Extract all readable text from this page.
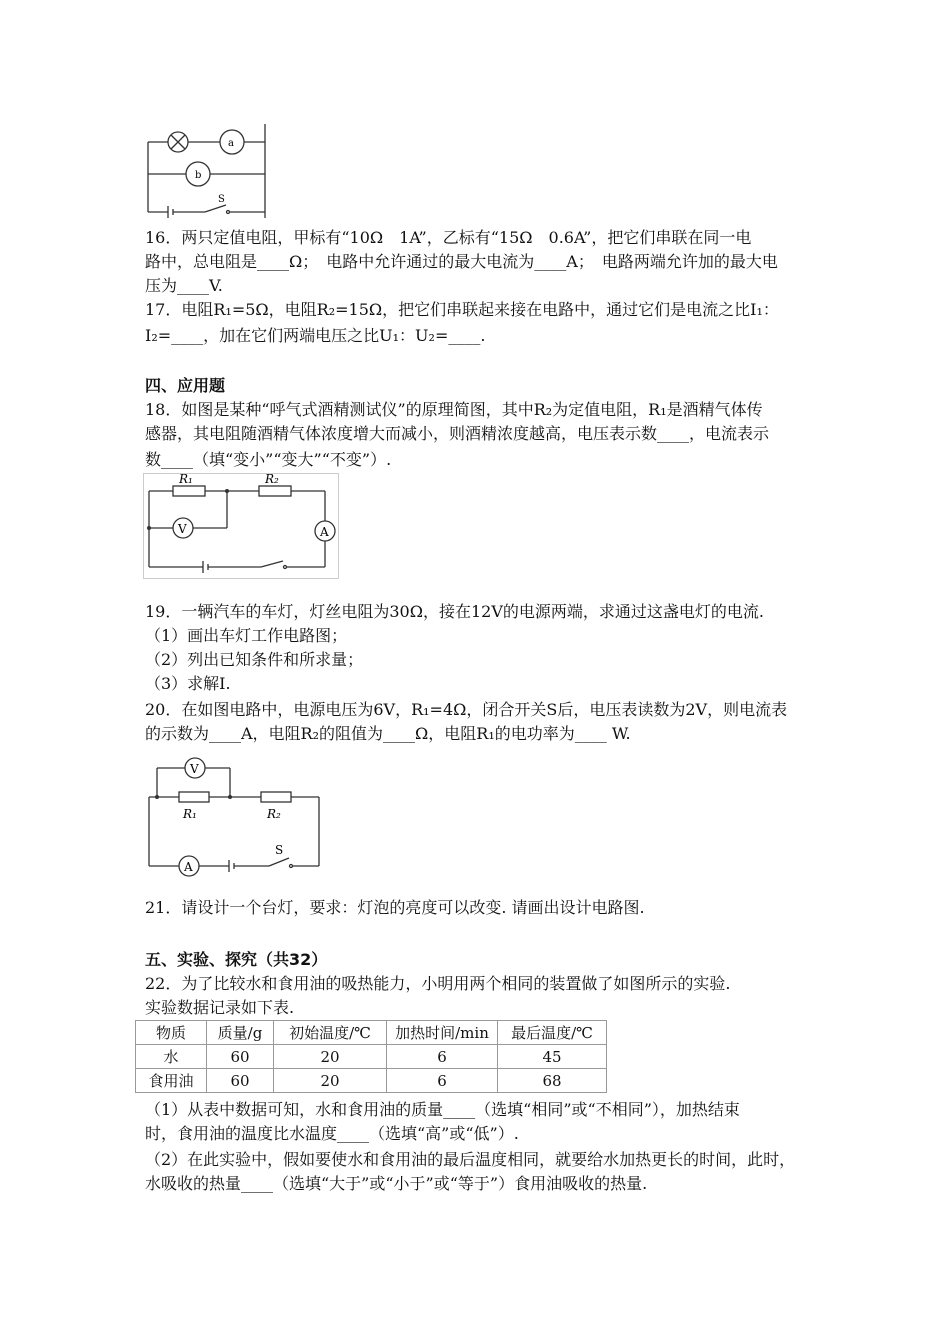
a
b
S
16．两只定值电阻，甲标有“10Ω　1A”，乙标有“15Ω　0.6A”，把它们串联在同一电
路中，总电阻是____Ω；　电路中允许通过的最大电流为____A；　电路两端允许加的最大电
压为____V.
17．电阻R₁=5Ω，电阻R₂=15Ω，把它们串联起来接在电路中，通过它们是电流之比I₁：
I₂=____，加在它们两端电压之比U₁：U₂=____.
四、应用题
18．如图是某种“呼气式酒精测试仪”的原理简图，其中R₂为定值电阻，R₁是酒精气体传
感器，其电阻随酒精气体浓度增大而减小，则酒精浓度越高，电压表示数____，电流表示
数____（填“变小”“变大”“不变”）.
R₁	R₂
V	A
19．一辆汽车的车灯，灯丝电阻为30Ω，接在12V的电源两端，求通过这盏电灯的电流.
（1）画出车灯工作电路图；
（2）列出已知条件和所求量；
（3）求解I.
20．在如图电路中，电源电压为6V，R₁=4Ω，闭合开关S后，电压表读数为2V，则电流表
的示数为____A，电阻R₂的阻值为____Ω，电阻R₁的电功率为____ W.
V
R₁	R₂
A
S
21．请设计一个台灯，要求：灯泡的亮度可以改变. 请画出设计电路图.
五、实验、探究（共32）
22．为了比较水和食用油的吸热能力，小明用两个相同的装置做了如图所示的实验.
实验数据记录如下表.
物质	质量/g	初始温度/℃	加热时间/min	最后温度/℃
水	60	20	6	45
食用油	60	20	6	68
（1）从表中数据可知，水和食用油的质量____（选填“相同”或“不相同”），加热结束
时，食用油的温度比水温度____（选填“高”或“低”）.
（2）在此实验中，假如要使水和食用油的最后温度相同，就要给水加热更长的时间，此时，
水吸收的热量____（选填“大于”或“小于”或“等于”）食用油吸收的热量.
